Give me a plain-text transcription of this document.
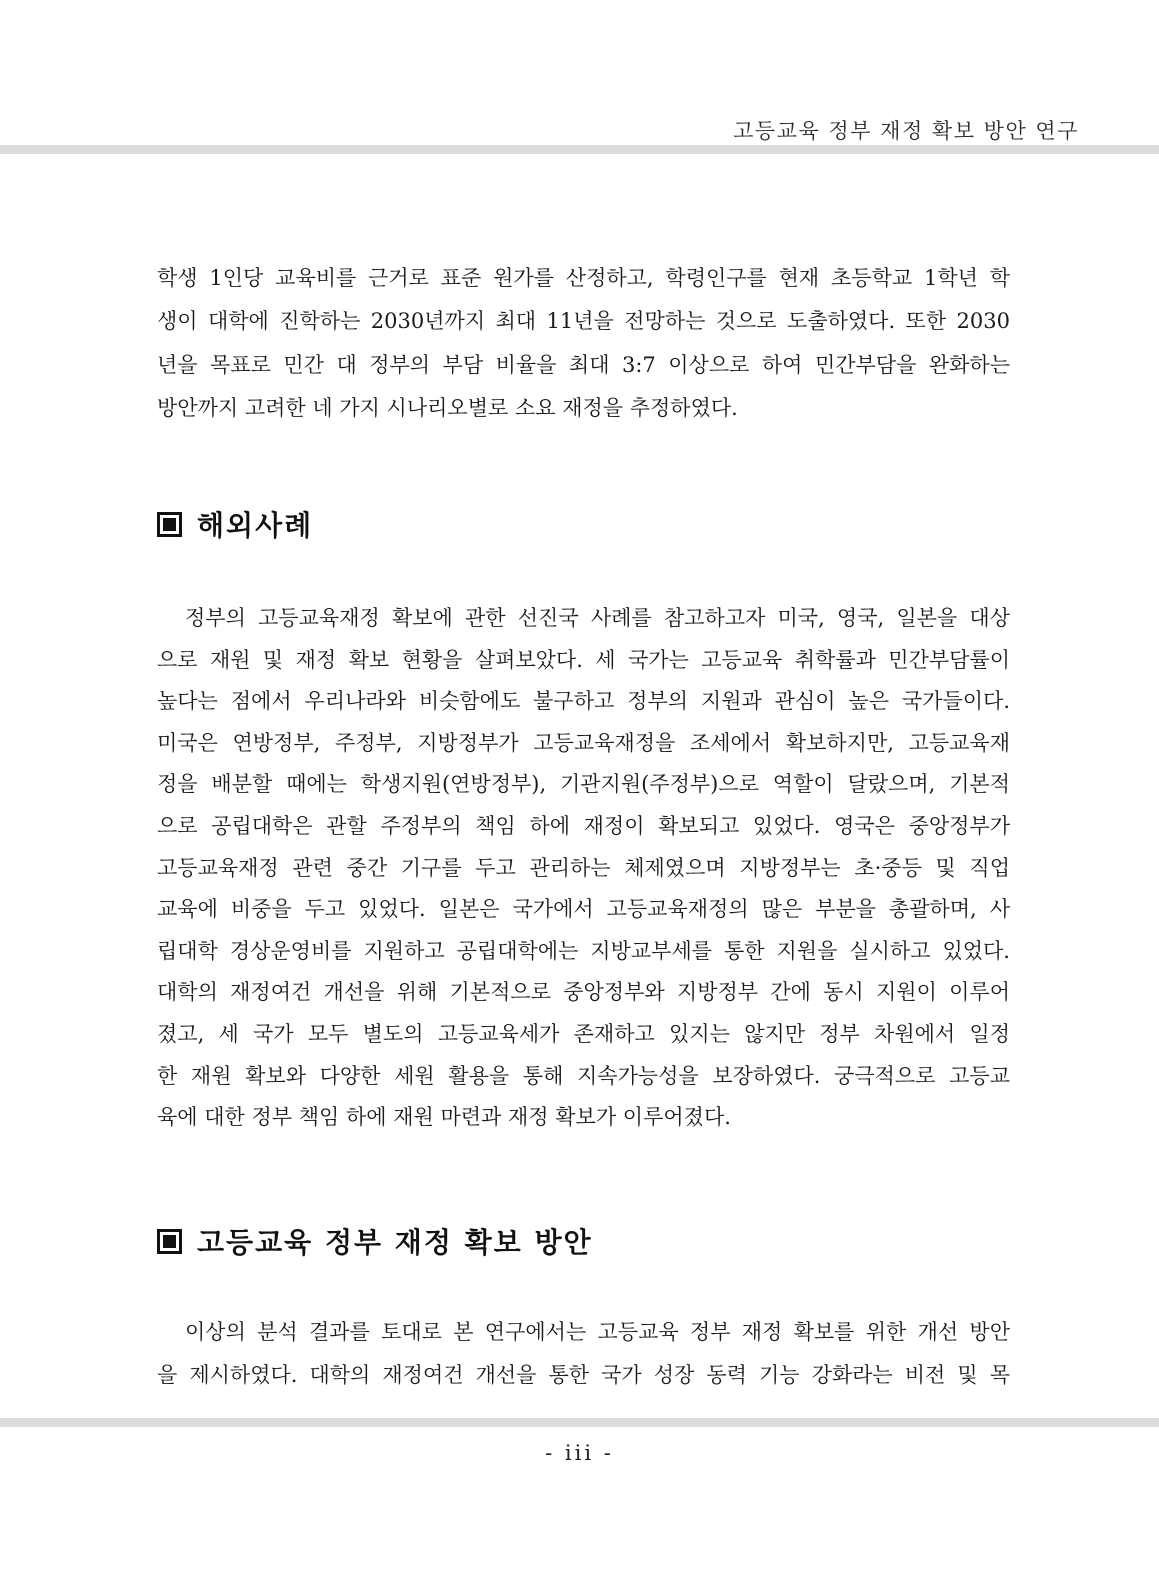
고등교육 정부 재정 확보 방안 연구
학생 1인당 교육비를 근거로 표준 원가를 산정하고, 학령인구를 현재 초등학교 1학년 학
생이 대학에 진학하는 2030년까지 최대 11년을 전망하는 것으로 도출하였다. 또한 2030
년을 목표로 민간 대 정부의 부담 비율을 최대 3:7 이상으로 하여 민간부담을 완화하는
방안까지 고려한 네 가지 시나리오별로 소요 재정을 추정하였다.
해외사례
정부의 고등교육재정 확보에 관한 선진국 사례를 참고하고자 미국, 영국, 일본을 대상
으로 재원 및 재정 확보 현황을 살펴보았다. 세 국가는 고등교육 취학률과 민간부담률이
높다는 점에서 우리나라와 비슷함에도 불구하고 정부의 지원과 관심이 높은 국가들이다.
미국은 연방정부, 주정부, 지방정부가 고등교육재정을 조세에서 확보하지만, 고등교육재
정을 배분할 때에는 학생지원(연방정부), 기관지원(주정부)으로 역할이 달랐으며, 기본적
으로 공립대학은 관할 주정부의 책임 하에 재정이 확보되고 있었다. 영국은 중앙정부가
고등교육재정 관련 중간 기구를 두고 관리하는 체제였으며 지방정부는 초·중등 및 직업
교육에 비중을 두고 있었다. 일본은 국가에서 고등교육재정의 많은 부분을 총괄하며, 사
립대학 경상운영비를 지원하고 공립대학에는 지방교부세를 통한 지원을 실시하고 있었다.
대학의 재정여건 개선을 위해 기본적으로 중앙정부와 지방정부 간에 동시 지원이 이루어
졌고, 세 국가 모두 별도의 고등교육세가 존재하고 있지는 않지만 정부 차원에서 일정
한 재원 확보와 다양한 세원 활용을 통해 지속가능성을 보장하였다. 궁극적으로 고등교
육에 대한 정부 책임 하에 재원 마련과 재정 확보가 이루어졌다.
고등교육 정부 재정 확보 방안
이상의 분석 결과를 토대로 본 연구에서는 고등교육 정부 재정 확보를 위한 개선 방안
을 제시하였다. 대학의 재정여건 개선을 통한 국가 성장 동력 기능 강화라는 비전 및 목
- iii -
